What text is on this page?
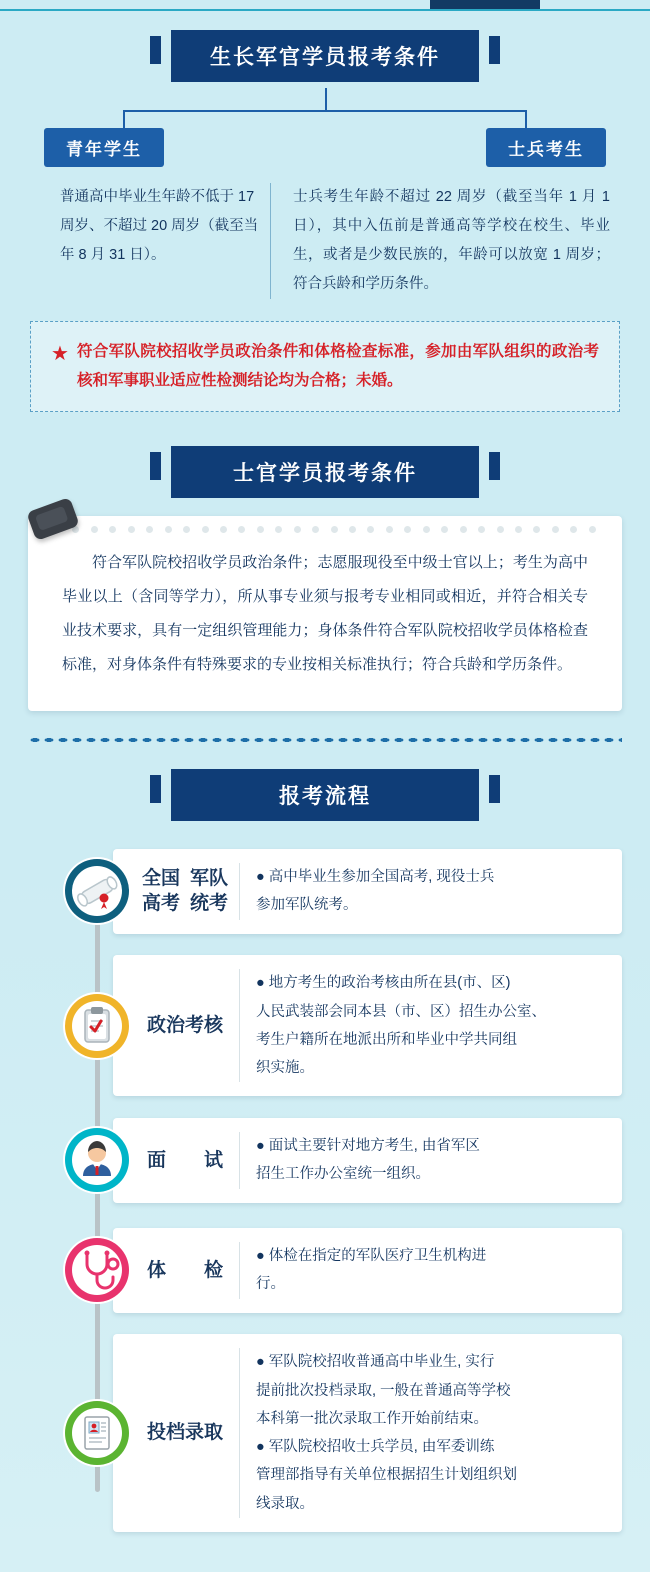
生长军官学员报考条件
青年学生	士兵考生
普通高中毕业生年龄不低于 17 周岁、不超过 20 周岁（截至当年 8 月 31 日）。
士兵考生年龄不超过 22 周岁（截至当年 1 月 1 日），其中入伍前是普通高等学校在校生、毕业生，或者是少数民族的，年龄可以放宽 1 周岁；符合兵龄和学历条件。
★ 符合军队院校招收学员政治条件和体格检查标准，参加由军队组织的政治考核和军事职业适应性检测结论均为合格；未婚。
士官学员报考条件

符合军队院校招收学员政治条件；志愿服现役至中级士官以上；考生为高中毕业以上（含同等学力），所从事专业须与报考专业相同或相近，并符合相关专业技术要求，具有一定组织管理能力；身体条件符合军队院校招收学员体格检查标准，对身体条件有特殊要求的专业按相关标准执行；符合兵龄和学历条件。

报考流程
全国高考

军队统考
● 高中毕业生参加全国高考, 现役士兵
参加军队统考。
政治考核
● 地方考生的政治考核由所在县(市、区)
人民武装部会同本县（市、区）招生办公室、
考生户籍所在地派出所和毕业中学共同组
织实施。
面　　试
● 面试主要针对地方考生, 由省军区
招生工作办公室统一组织。
体　　检
● 体检在指定的军队医疗卫生机构进
行。
投档录取
● 军队院校招收普通高中毕业生, 实行
提前批次投档录取, 一般在普通高等学校
本科第一批次录取工作开始前结束。
● 军队院校招收士兵学员, 由军委训练
管理部指导有关单位根据招生计划组织划
线录取。
